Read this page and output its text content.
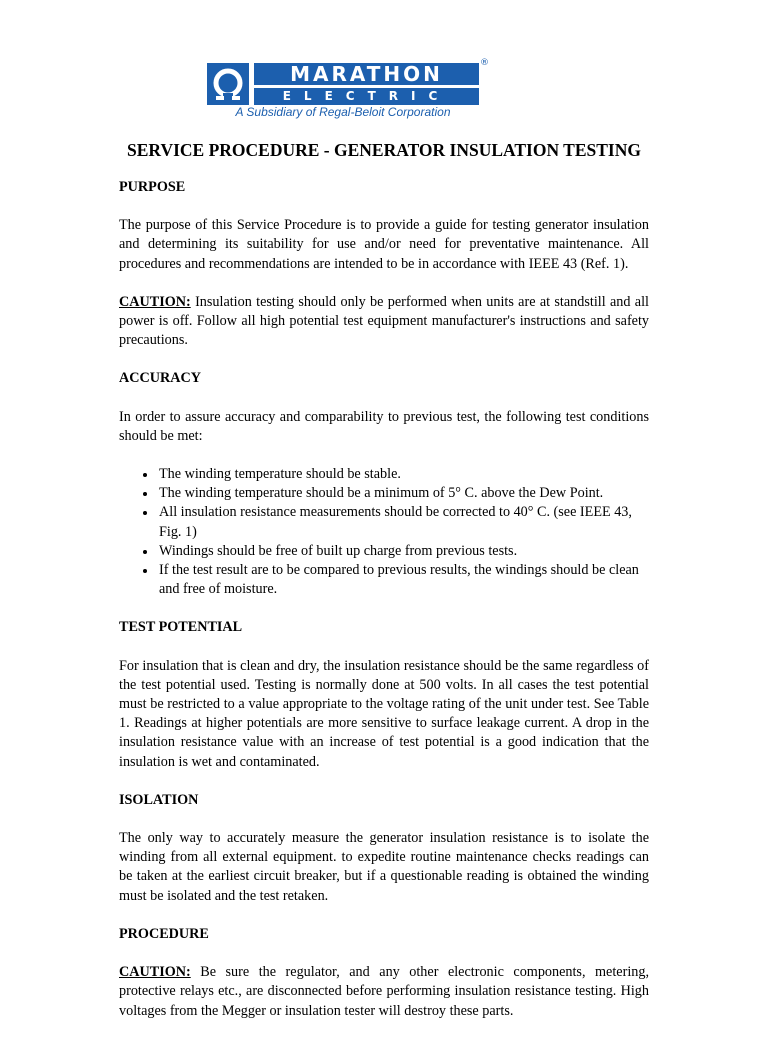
MARATHON
ELECTRIC
®
A Subsidiary of Regal-Beloit Corporation
SERVICE PROCEDURE - GENERATOR INSULATION TESTING
PURPOSE

The purpose of this Service Procedure is to provide a guide for testing generator insulation and determining its suitability for use and/or need for preventative maintenance. All procedures and recommendations are intended to be in accordance with IEEE 43 (Ref. 1).

CAUTION: Insulation testing should only be performed when units are at standstill and all power is off. Follow all high potential test equipment manufacturer's instructions and safety precautions.

ACCURACY

In order to assure accuracy and comparability to previous test, the following test conditions should be met:

• The winding temperature should be stable.
• The winding temperature should be a minimum of 5° C. above the Dew Point.
• All insulation resistance measurements should be corrected to 40° C. (see IEEE 43, Fig. 1)
• Windings should be free of built up charge from previous tests.
• If the test result are to be compared to previous results, the windings should be clean and free of moisture.
TEST POTENTIAL

For insulation that is clean and dry, the insulation resistance should be the same regardless of the test potential used. Testing is normally done at 500 volts. In all cases the test potential must be restricted to a value appropriate to the voltage rating of the unit under test. See Table 1. Readings at higher potentials are more sensitive to surface leakage current. A drop in the insulation resistance value with an increase of test potential is a good indication that the insulation is wet and contaminated.

ISOLATION

The only way to accurately measure the generator insulation resistance is to isolate the winding from all external equipment. to expedite routine maintenance checks readings can be taken at the earliest circuit breaker, but if a questionable reading is obtained the winding must be isolated and the test retaken.

PROCEDURE

CAUTION: Be sure the regulator, and any other electronic components, metering, protective relays etc., are disconnected before performing insulation resistance testing. High voltages from the Megger or insulation tester will destroy these parts.
